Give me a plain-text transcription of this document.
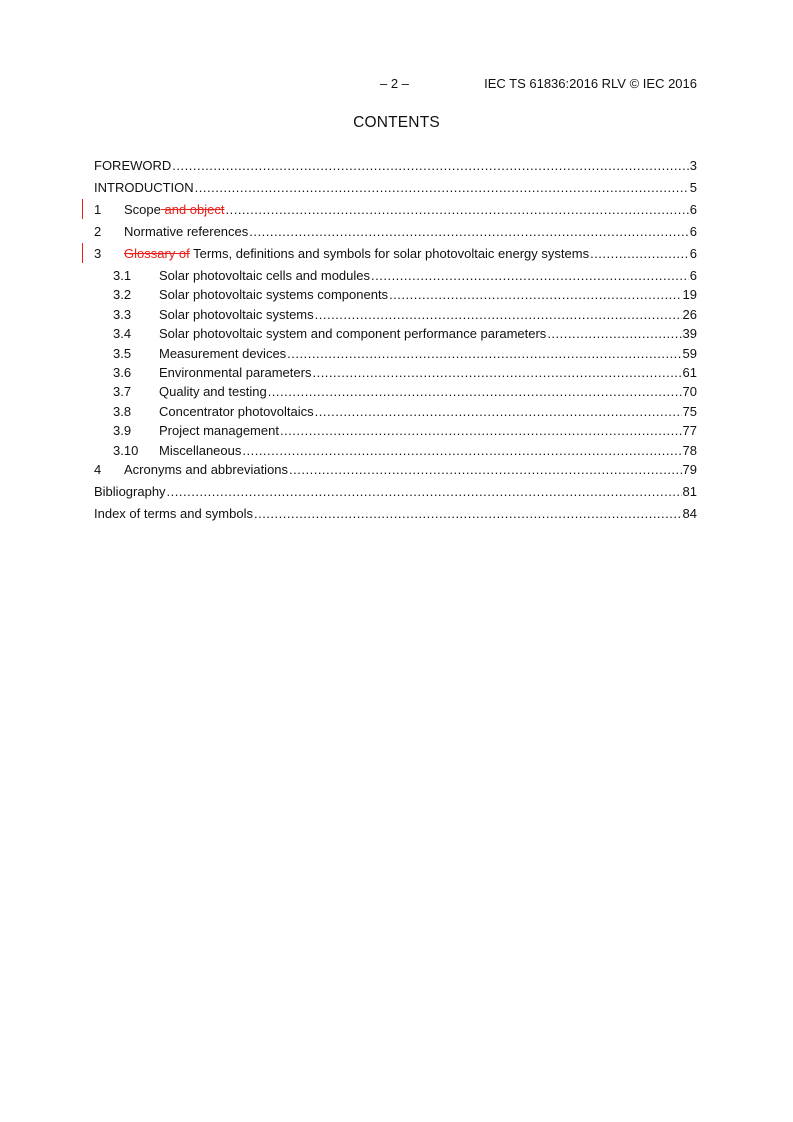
– 2 –	IEC TS 61836:2016 RLV © IEC 2016
CONTENTS
FOREWORD .....	3
INTRODUCTION .....	5
1	Scope and object .....	6
2	Normative references .....	6
3	Glossary of Terms, definitions and symbols for solar photovoltaic energy systems .....	6
3.1	Solar photovoltaic cells and modules .....	6
3.2	Solar photovoltaic systems components .....	19
3.3	Solar photovoltaic systems .....	26
3.4	Solar photovoltaic system and component performance parameters .....	39
3.5	Measurement devices .....	59
3.6	Environmental parameters .....	61
3.7	Quality and testing .....	70
3.8	Concentrator photovoltaics .....	75
3.9	Project management .....	77
3.10	Miscellaneous .....	78
4	Acronyms and abbreviations .....	79
Bibliography .....	81
Index of terms and symbols .....	84
